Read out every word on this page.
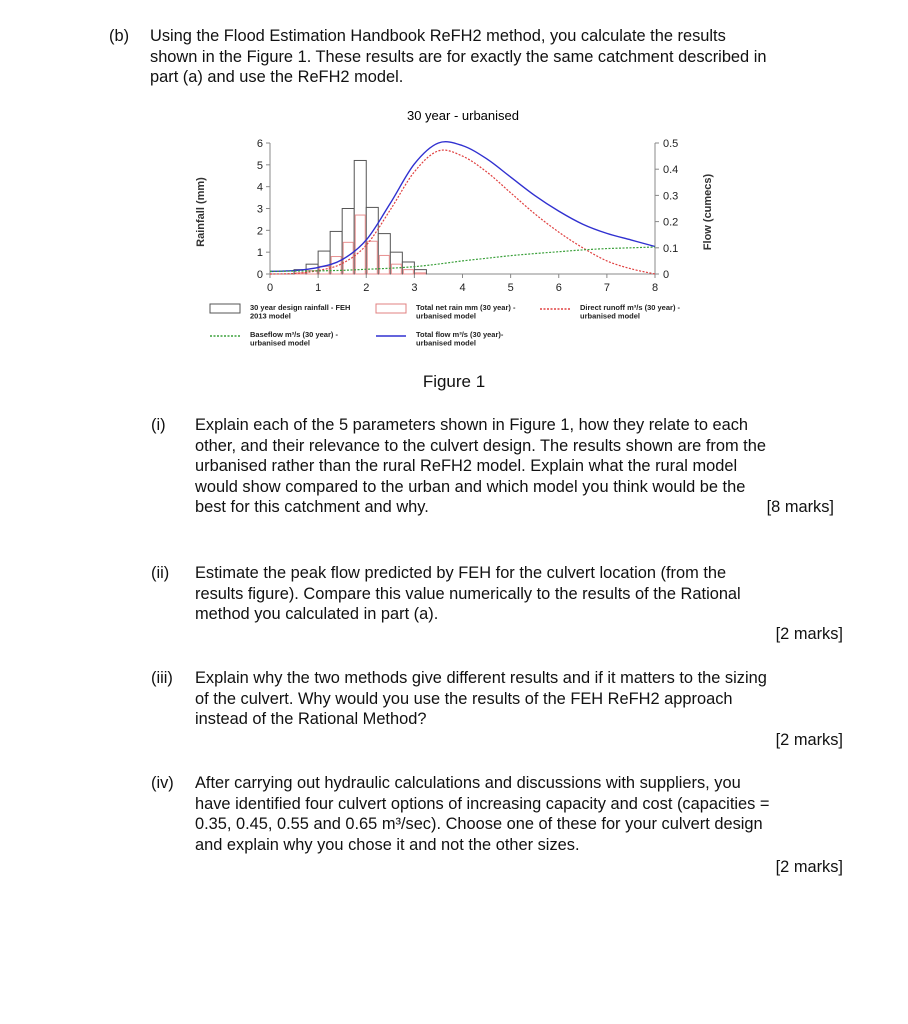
(b) Using the Flood Estimation Handbook ReFH2 method, you calculate the results
shown in the Figure 1. These results are for exactly the same catchment described in
part (a) and use the ReFH2 model.
30 year - urbanised
Rainfall (mm)	Flow (cumecs)
0
1
2
3
4
5
6
0
0.1
0.2
0.3
0.4
0.5
0	1	2	3	4	5	6	7	8
30 year design rainfall - FEH
2013 model
Total net rain mm (30 year) -
urbanised model
Direct runoff m³/s (30 year) -
urbanised model
Baseflow m³/s (30 year) -
urbanised model
Total flow m³/s (30 year)-
urbanised model
Figure 1
(i) Explain each of the 5 parameters shown in Figure 1, how they relate to each
other, and their relevance to the culvert design. The results shown are from the
urbanised rather than the rural ReFH2 model. Explain what the rural model
would show compared to the urban and which model you think would be the
best for this catchment and why.	[8 marks]
(ii) Estimate the peak flow predicted by FEH for the culvert location (from the
results figure). Compare this value numerically to the results of the Rational
method you calculated in part (a).
[2 marks]
(iii) Explain why the two methods give different results and if it matters to the sizing
of the culvert. Why would you use the results of the FEH ReFH2 approach
instead of the Rational Method?
[2 marks]
(iv) After carrying out hydraulic calculations and discussions with suppliers, you
have identified four culvert options of increasing capacity and cost (capacities =
0.35, 0.45, 0.55 and 0.65 m³/sec). Choose one of these for your culvert design
and explain why you chose it and not the other sizes.
[2 marks]
